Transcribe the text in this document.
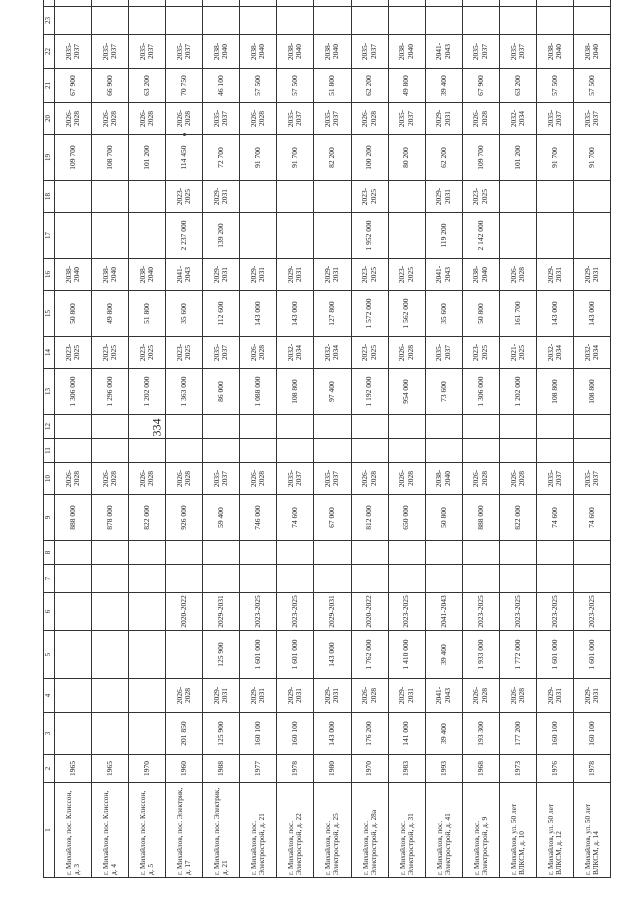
334
1	2	3	4	5	6	7	8	9	10	11	12	13	14	15	16	17	18	19	20	21	22	23	
г. Михайлов, пос. Клиссон, д. 3	1965							888 000	2026-2028			1 306 000	2023-2025	50 800	2038-2040			109 700	2026-2028	67 900	2035-2037		
г. Михайлов, пос. Клиссон, д. 4	1965							878 000	2026-2028			1 296 000	2023-2025	49 800	2038-2040			108 700	2026-2028	66 900	2035-2037		
г. Михайлов, пос. Клиссон, д. 5	1970							822 000	2026-2028			1 202 000	2023-2025	51 800	2038-2040			101 200	2026-2028	63 200	2035-2037		
г. Михайлов, пос. Электрик, д. 17	1960	201 850	2026-2028		2020-2022			926 000	2026-2028			1 363 000	2023-2025	35 600	2041-2043	2 237 000	2023-2025	114 450	2026-2028	70 750	2035-2037		
г. Михайлов, пос. Электрик, д. 21	1988	125 900	2029-2031	125 900	2029-2031			59 400	2035-2037			86 000	2035-2037	112 600	2029-2031	139 200	2029-2031	72 700	2035-2037	46 100	2038-2040		
г. Михайлов, пос. Электрострой, д. 21	1977	160 100	2029-2031	1 601 000	2023-2025			746 000	2026-2028			1 088 000	2026-2028	143 000	2029-2031			91 700	2026-2028	57 500	2038-2040		
г. Михайлов, пос. Электрострой, д. 22	1978	160 100	2029-2031	1 601 000	2023-2025			74 600	2035-2037			108 800	2032-2034	143 000	2029-2031			91 700	2035-2037	57 500	2038-2040		
г. Михайлов, пос. Электрострой, д. 25	1980	143 000	2029-2031	143 000	2029-2031			67 000	2035-2037			97 400	2032-2034	127 800	2029-2031			82 200	2035-2037	51 800	2038-2040		
г. Михайлов, пос. Электрострой, д. 28а	1970	176 200	2026-2028	1 762 000	2020-2022			812 000	2026-2028			1 192 000	2023-2025	1 572 000	2023-2025	1 952 000	2023-2025	100 200	2026-2028	62 200	2035-2037		
г. Михайлов, пос. Электрострой, д. 31	1983	141 000	2029-2031	1 410 000	2023-2025			650 000	2026-2028			954 000	2026-2028	1 562 000	2023-2025			80 200	2035-2037	49 800	2038-2040		
г. Михайлов, пос. Электрострой, д. 41	1993	39 400	2041-2043	39 400	2041-2043			50 800	2038-2040			73 600	2035-2037	35 600	2041-2043	119 200	2029-2031	62 200	2029-2031	39 400	2041-2043		
г. Михайлов, пос. Электрострой, д. 9	1968	193 300	2026-2028	1 933 000	2023-2025			888 000	2026-2028			1 306 000	2023-2025	50 800	2038-2040	2 142 000	2023-2025	109 700	2026-2028	67 900	2035-2037		
г. Михайлов, ул. 50 лет ВЛКСМ, д. 10	1973	177 200	2026-2028	1 772 000	2023-2025			822 000	2026-2028			1 202 000	2021-2025	161 700	2026-2028			101 200	2032-2034	63 200	2035-2037		
г. Михайлов, ул. 50 лет ВЛКСМ, д. 12	1976	160 100	2029-2031	1 601 000	2023-2025			74 600	2035-2037			108 800	2032-2034	143 000	2029-2031			91 700	2035-2037	57 500	2038-2040		
г. Михайлов, ул. 50 лет ВЛКСМ, д. 14	1978	160 100	2029-2031	1 601 000	2023-2025			74 600	2035-2037			108 800	2032-2034	143 000	2029-2031			91 700	2035-2037	57 500	2038-2040		
